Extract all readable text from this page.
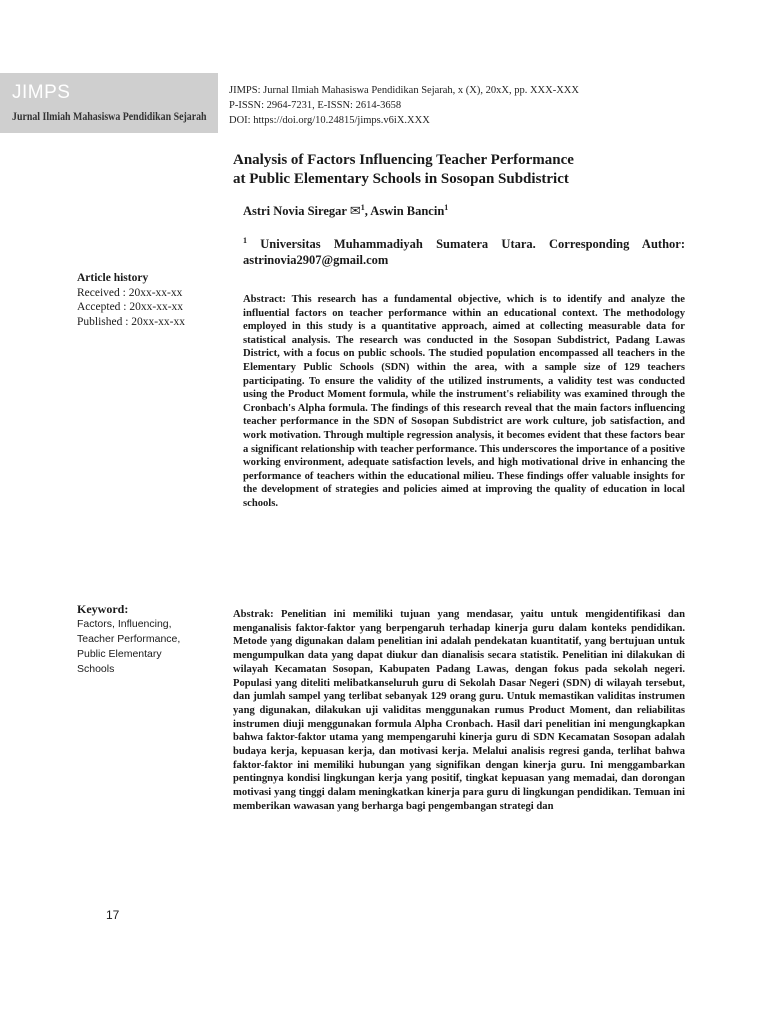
JIMPS
Jurnal Ilmiah Mahasiswa Pendidikan Sejarah
JIMPS: Jurnal Ilmiah Mahasiswa Pendidikan Sejarah, x (X), 20xX, pp. XXX-XXX
P-ISSN: 2964-7231, E-ISSN: 2614-3658
DOI: https://doi.org/10.24815/jimps.v6iX.XXX
Analysis of Factors Influencing Teacher Performance
at Public Elementary Schools in Sosopan Subdistrict
Astri Novia Siregar ✉$^1$, Aswin Bancin$^1$
$^1$ Universitas Muhammadiyah Sumatera Utara. Corresponding Author: astrinovia2907@gmail.com
Article history
Received : 20xx-xx-xx
Accepted : 20xx-xx-xx
Published : 20xx-xx-xx
Abstract: This research has a fundamental objective, which is to identify and analyze the influential factors on teacher performance within an educational context. The methodology employed in this study is a quantitative approach, aimed at collecting measurable data for statistical analysis. The research was conducted in the Sosopan Subdistrict, Padang Lawas District, with a focus on public schools. The studied population encompassed all teachers in the Elementary Public Schools (SDN) within the area, with a sample size of 129 teachers participating. To ensure the validity of the utilized instruments, a validity test was conducted using the Product Moment formula, while the instrument's reliability was examined through the Cronbach's Alpha formula. The findings of this research reveal that the main factors influencing teacher performance in the SDN of Sosopan Subdistrict are work culture, job satisfaction, and work motivation. Through multiple regression analysis, it becomes evident that these factors bear a significant relationship with teacher performance. This underscores the importance of a positive working environment, adequate satisfaction levels, and high motivational drive in enhancing the performance of teachers within the educational milieu. These findings offer valuable insights for the development of strategies and policies aimed at improving the quality of education in local schools.
Keyword:
Factors, Influencing,
Teacher Performance,
Public Elementary
Schools
Abstrak: Penelitian ini memiliki tujuan yang mendasar, yaitu untuk mengidentifikasi dan menganalisis faktor-faktor yang berpengaruh terhadap kinerja guru dalam konteks pendidikan. Metode yang digunakan dalam penelitian ini adalah pendekatan kuantitatif, yang bertujuan untuk mengumpulkan data yang dapat diukur dan dianalisis secara statistik. Penelitian ini dilakukan di wilayah Kecamatan Sosopan, Kabupaten Padang Lawas, dengan fokus pada sekolah negeri. Populasi yang diteliti melibatkanseluruh guru di Sekolah Dasar Negeri (SDN) di wilayah tersebut, dan jumlah sampel yang terlibat sebanyak 129 orang guru. Untuk memastikan validitas instrumen yang digunakan, dilakukan uji validitas menggunakan rumus Product Moment, dan reliabilitas instrumen diuji menggunakan formula Alpha Cronbach. Hasil dari penelitian ini mengungkapkan bahwa faktor-faktor utama yang mempengaruhi kinerja guru di SDN Kecamatan Sosopan adalah budaya kerja, kepuasan kerja, dan motivasi kerja. Melalui analisis regresi ganda, terlihat bahwa faktor-faktor ini memiliki hubungan yang signifikan dengan kinerja guru. Ini menggambarkan pentingnya kondisi lingkungan kerja yang positif, tingkat kepuasan yang memadai, dan dorongan motivasi yang tinggi dalam meningkatkan kinerja para guru di lingkungan pendidikan. Temuan ini memberikan wawasan yang berharga bagi pengembangan strategi dan
17
